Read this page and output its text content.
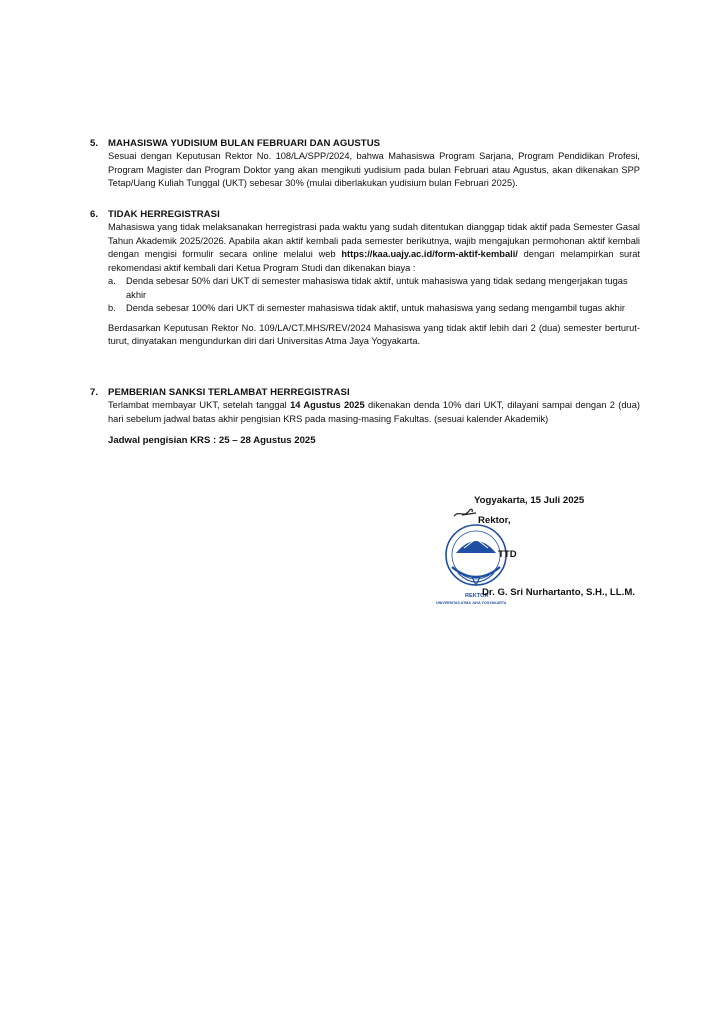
5. MAHASISWA YUDISIUM BULAN FEBRUARI DAN AGUSTUS
Sesuai dengan Keputusan Rektor No. 108/LA/SPP/2024, bahwa Mahasiswa Program Sarjana, Program Pendidikan Profesi, Program Magister dan Program Doktor yang akan mengikuti yudisium pada bulan Februari atau Agustus, akan dikenakan SPP Tetap/Uang Kuliah Tunggal (UKT) sebesar 30% (mulai diberlakukan yudisium bulan Februari 2025).
6. TIDAK HERREGISTRASI
Mahasiswa yang tidak melaksanakan herregistrasi pada waktu yang sudah ditentukan dianggap tidak aktif pada Semester Gasal Tahun Akademik 2025/2026. Apabila akan aktif kembali pada semester berikutnya, wajib mengajukan permohonan aktif kembali dengan mengisi formulir secara online melalui web https://kaa.uajy.ac.id/form-aktif-kembali/ dengan melampirkan surat rekomendasi aktif kembali dari Ketua Program Studi dan dikenakan biaya :
a. Denda sebesar 50% dari UKT di semester mahasiswa tidak aktif, untuk mahasiswa yang tidak sedang mengerjakan tugas akhir
b. Denda sebesar 100% dari UKT di semester mahasiswa tidak aktif, untuk mahasiswa yang sedang mengambil tugas akhir
Berdasarkan Keputusan Rektor No. 109/LA/CT.MHS/REV/2024 Mahasiswa yang tidak aktif lebih dari 2 (dua) semester berturut-turut, dinyatakan mengundurkan diri dari Universitas Atma Jaya Yogyakarta.
7. PEMBERIAN SANKSI TERLAMBAT HERREGISTRASI
Terlambat membayar UKT, setelah tanggal 14 Agustus 2025 dikenakan denda 10% dari UKT, dilayani sampai dengan 2 (dua) hari sebelum jadwal batas akhir pengisian KRS pada masing-masing Fakultas. (sesuai kalender Akademik)
Jadwal pengisian KRS : 25 – 28 Agustus 2025
REKTOR
UNIVERSITAS ATMA JAYA YOGYAKARTA
Yogyakarta, 15 Juli 2025
Rektor,
TTD
Dr. G. Sri Nurhartanto, S.H., LL.M.
